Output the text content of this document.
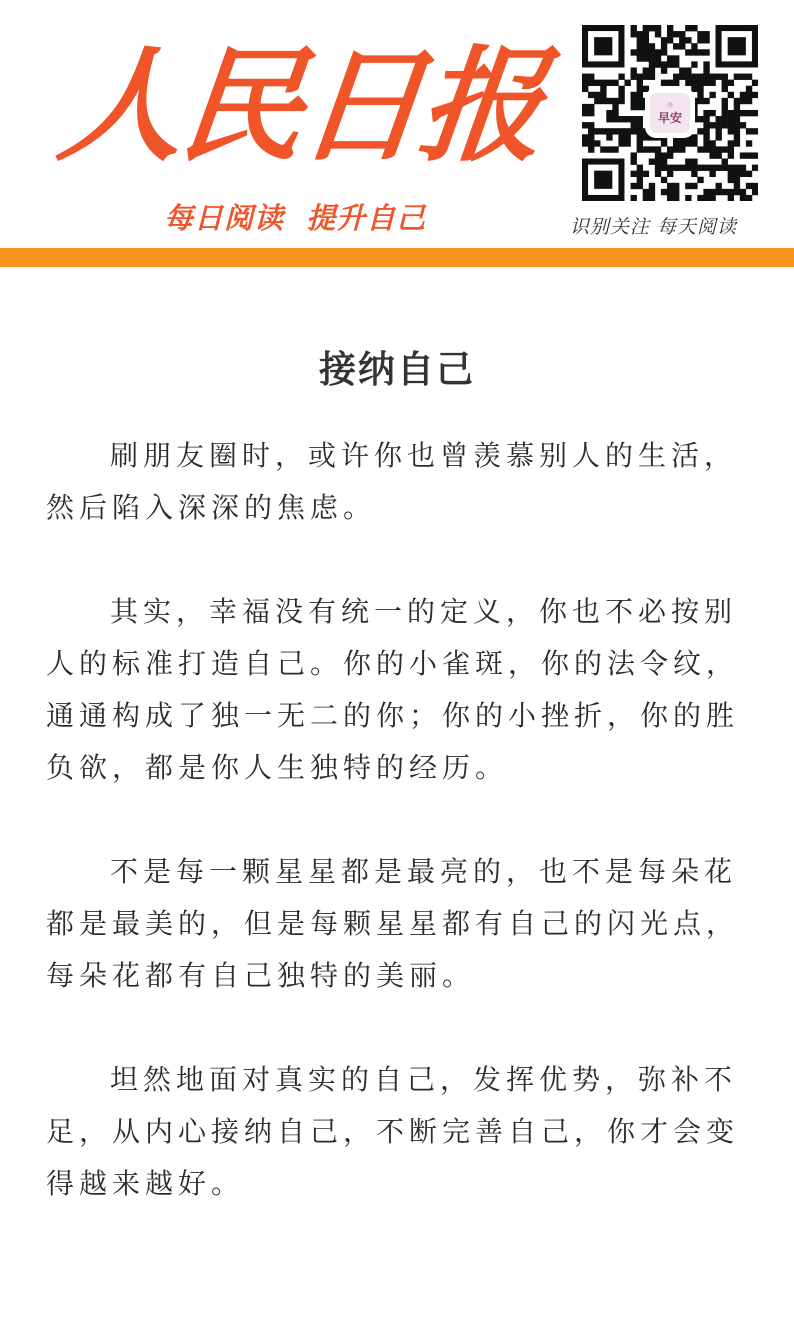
人民日报
每日阅读  提升自己
☼
早安
识别关注 每天阅读
接纳自己

刷朋友圈时，或许你也曾羡慕别人的生活，然后陷入深深的焦虑。

其实，幸福没有统一的定义，你也不必按别人的标准打造自己。你的小雀斑，你的法令纹，通通构成了独一无二的你；你的小挫折，你的胜负欲，都是你人生独特的经历。

不是每一颗星星都是最亮的，也不是每朵花都是最美的，但是每颗星星都有自己的闪光点，每朵花都有自己独特的美丽。

坦然地面对真实的自己，发挥优势，弥补不足，从内心接纳自己，不断完善自己，你才会变得越来越好。
